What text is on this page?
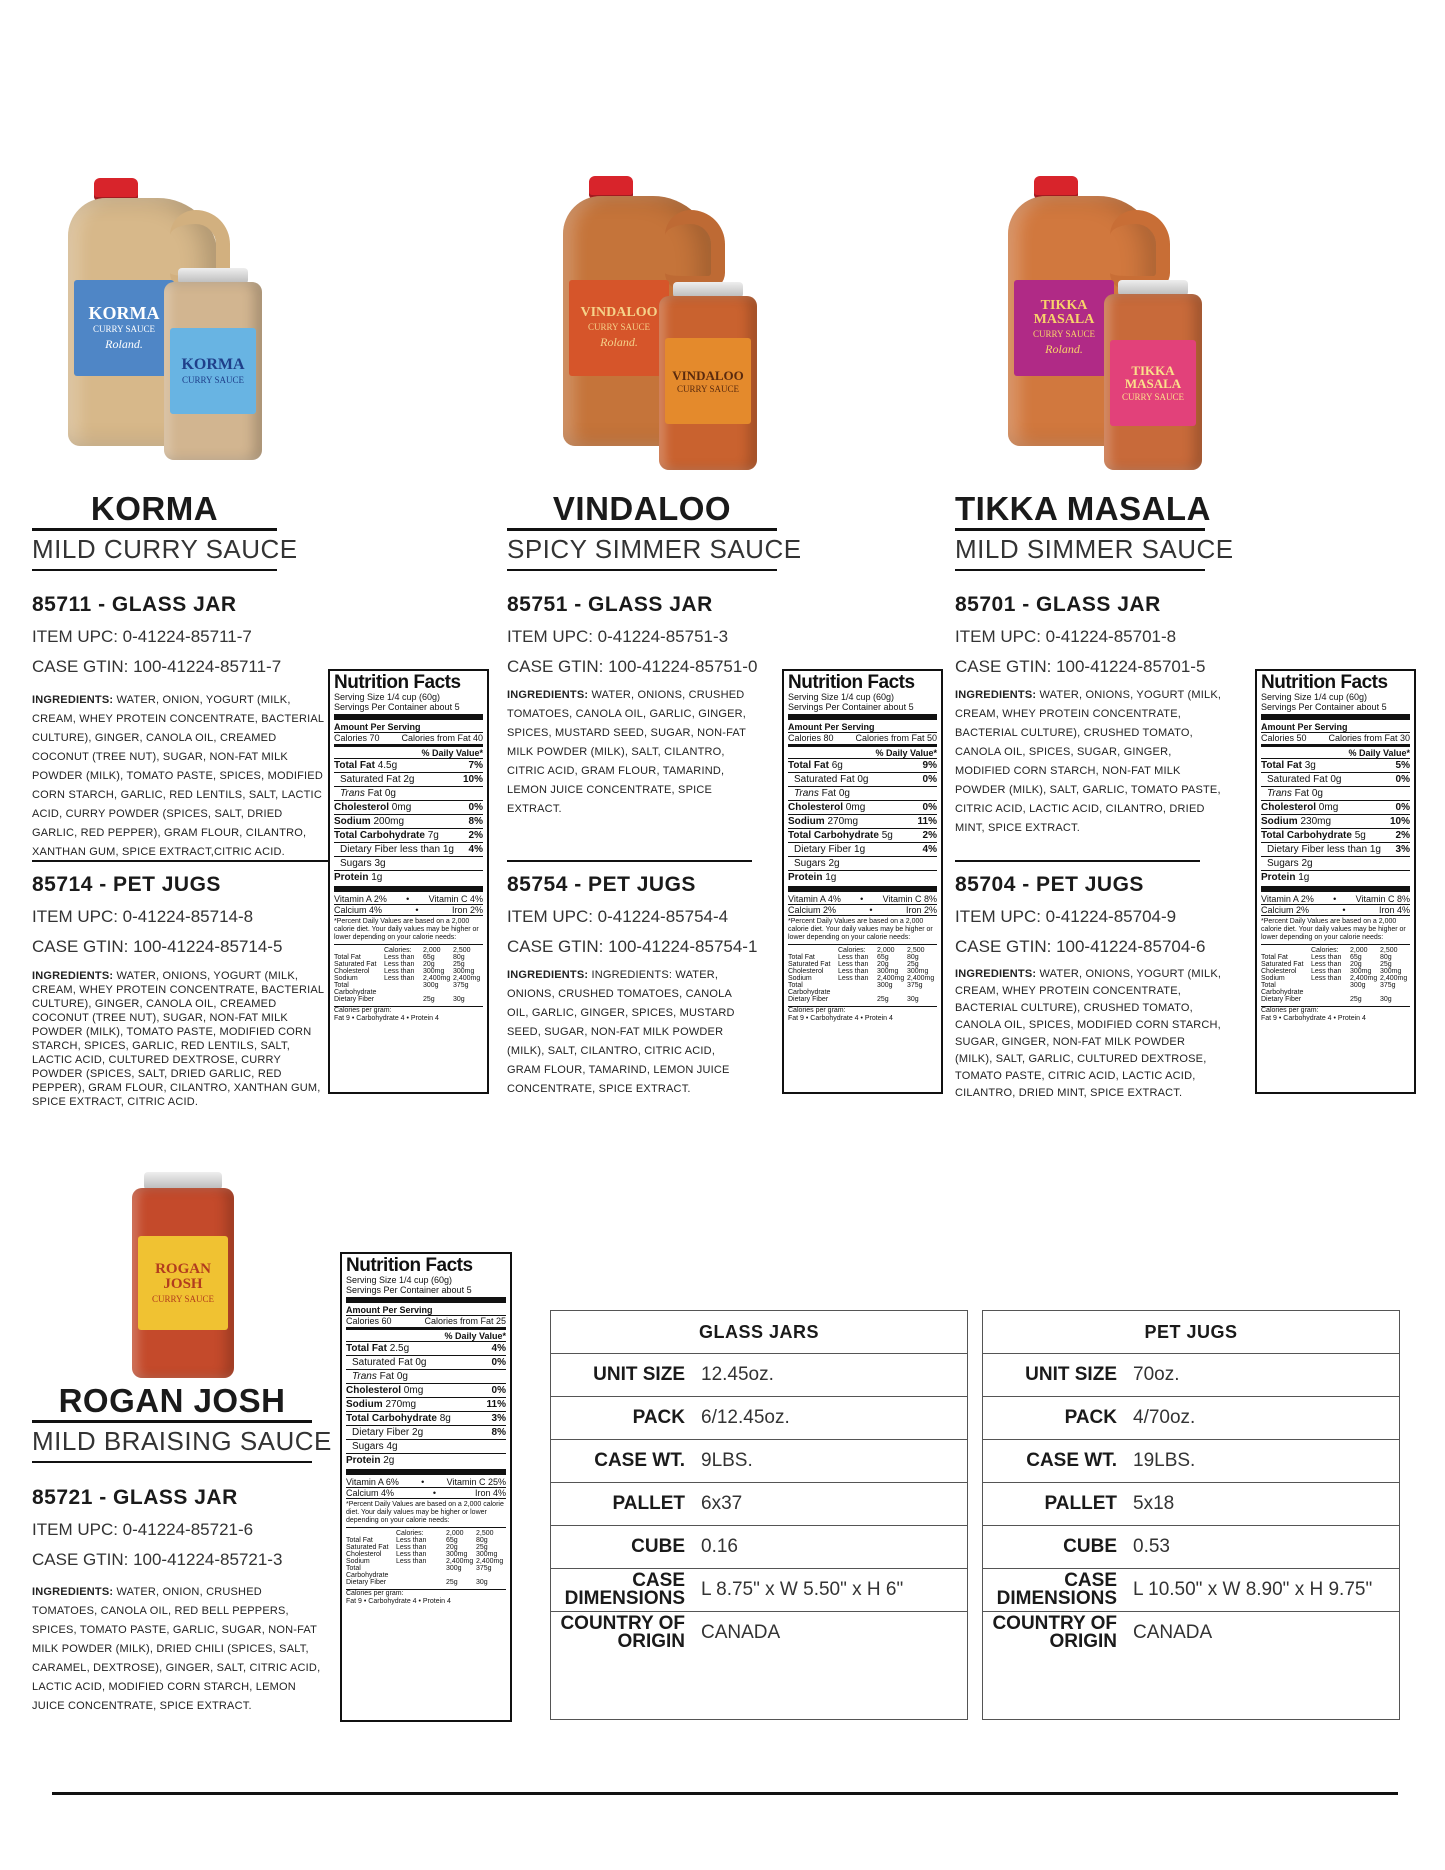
KORMA
CURRY SAUCE
Roland.
KORMA
CURRY SAUCE
VINDALOO
CURRY SAUCE
Roland.
VINDALOO
CURRY SAUCE
TIKKA MASALA
CURRY SAUCE
Roland.
TIKKA MASALA
CURRY SAUCE
ROGAN JOSH
CURRY SAUCE
KORMA
MILD CURRY SAUCE
85711 - GLASS JAR
ITEM UPC: 0-41224-85711-7
CASE GTIN: 100-41224-85711-7
INGREDIENTS: WATER, ONION, YOGURT (MILK, CREAM, WHEY PROTEIN CONCENTRATE, BACTERIAL CULTURE), GINGER, CANOLA OIL, CREAMED COCONUT (TREE NUT), SUGAR, NON-FAT MILK POWDER (MILK), TOMATO PASTE, SPICES, MODIFIED CORN STARCH, GARLIC, RED LENTILS, SALT, LACTIC ACID, CURRY POWDER (SPICES, SALT, DRIED GARLIC, RED PEPPER), GRAM FLOUR, CILANTRO, XANTHAN GUM, SPICE EXTRACT,CITRIC ACID.
85714 - PET JUGS
ITEM UPC: 0-41224-85714-8
CASE GTIN: 100-41224-85714-5
INGREDIENTS: WATER, ONIONS, YOGURT (MILK, CREAM, WHEY PROTEIN CONCENTRATE, BACTERIAL CULTURE), GINGER, CANOLA OIL, CREAMED COCONUT (TREE NUT), SUGAR, NON-FAT MILK POWDER (MILK), TOMATO PASTE, MODIFIED CORN STARCH, SPICES, GARLIC, RED LENTILS, SALT, LACTIC ACID, CULTURED DEXTROSE, CURRY POWDER (SPICES, SALT, DRIED GARLIC, RED PEPPER), GRAM FLOUR, CILANTRO, XANTHAN GUM, SPICE EXTRACT, CITRIC ACID.
VINDALOO
SPICY SIMMER SAUCE
85751 - GLASS JAR
ITEM UPC: 0-41224-85751-3
CASE GTIN: 100-41224-85751-0
INGREDIENTS: WATER, ONIONS, CRUSHED TOMATOES, CANOLA OIL, GARLIC, GINGER, SPICES, MUSTARD SEED, SUGAR, NON-FAT MILK POWDER (MILK), SALT, CILANTRO, CITRIC ACID, GRAM FLOUR, TAMARIND, LEMON JUICE CONCENTRATE, SPICE EXTRACT.
85754 - PET JUGS
ITEM UPC: 0-41224-85754-4
CASE GTIN: 100-41224-85754-1
INGREDIENTS: INGREDIENTS: WATER, ONIONS, CRUSHED TOMATOES, CANOLA OIL, GARLIC, GINGER, SPICES, MUSTARD SEED, SUGAR, NON-FAT MILK POWDER (MILK), SALT, CILANTRO, CITRIC ACID, GRAM FLOUR, TAMARIND, LEMON JUICE CONCENTRATE, SPICE EXTRACT.
TIKKA MASALA
MILD SIMMER SAUCE
85701 - GLASS JAR
ITEM UPC: 0-41224-85701-8
CASE GTIN: 100-41224-85701-5
INGREDIENTS: WATER, ONIONS, YOGURT (MILK, CREAM, WHEY PROTEIN CONCENTRATE, BACTERIAL CULTURE), CRUSHED TOMATO, CANOLA OIL, SPICES, SUGAR, GINGER, MODIFIED CORN STARCH, NON-FAT MILK POWDER (MILK), SALT, GARLIC, TOMATO PASTE, CITRIC ACID, LACTIC ACID, CILANTRO, DRIED MINT, SPICE EXTRACT.
85704 - PET JUGS
ITEM UPC: 0-41224-85704-9
CASE GTIN: 100-41224-85704-6
INGREDIENTS: WATER, ONIONS, YOGURT (MILK, CREAM, WHEY PROTEIN CONCENTRATE, BACTERIAL CULTURE), CRUSHED TOMATO, CANOLA OIL, SPICES, MODIFIED CORN STARCH, SUGAR, GINGER, NON-FAT MILK POWDER (MILK), SALT, GARLIC, CULTURED DEXTROSE, TOMATO PASTE, CITRIC ACID, LACTIC ACID, CILANTRO, DRIED MINT, SPICE EXTRACT.
ROGAN JOSH
MILD BRAISING SAUCE
85721 - GLASS JAR
ITEM UPC: 0-41224-85721-6
CASE GTIN: 100-41224-85721-3
INGREDIENTS: WATER, ONION, CRUSHED TOMATOES, CANOLA OIL, RED BELL PEPPERS, SPICES, TOMATO PASTE, GARLIC, SUGAR, NON-FAT MILK POWDER (MILK), DRIED CHILI (SPICES, SALT, CARAMEL, DEXTROSE), GINGER, SALT, CITRIC ACID, LACTIC ACID, MODIFIED CORN STARCH, LEMON JUICE CONCENTRATE, SPICE EXTRACT.
Nutrition Facts
Serving Size 1/4 cup (60g)
Servings Per Container about 5
Amount Per Serving
Calories 70 Calories from Fat 40
% Daily Value*
Total Fat 4.5g	7%
Saturated Fat 2g	10%
Trans Fat 0g
Cholesterol 0mg	0%
Sodium 200mg	8%
Total Carbohydrate 7g	2%
Dietary Fiber less than 1g 4%
Sugars 3g
Protein 1g
Vitamin A 2% • Vitamin C 4%
Calcium 4%	•	Iron 2%
*Percent Daily Values are based on a 2,000 calorie diet. Your daily values may be higher or lower depending on your calorie needs:
Calories:	2,000	2,500
Total Fat	Less than	65g	80g
Saturated Fat	Less than	20g	25g
Cholesterol	Less than	300mg	300mg
Sodium	Less than	2,400mg 2,400mg
Total Carbohydrate
300g	375g
Dietary Fiber	25g	30g
Calories per gram:
Fat 9 • Carbohydrate 4 • Protein 4
Nutrition Facts
Serving Size 1/4 cup (60g)
Servings Per Container about 5
Amount Per Serving
Calories 80 Calories from Fat 50
% Daily Value*
Total Fat 6g	9%
Saturated Fat 0g	0%
Trans Fat 0g
Cholesterol 0mg	0%
Sodium 270mg	11%
Total Carbohydrate 5g	2%
Dietary Fiber 1g	4%
Sugars 2g
Protein 1g
Vitamin A 4% • Vitamin C 8%
Calcium 2%	•	Iron 2%
*Percent Daily Values are based on a 2,000 calorie diet. Your daily values may be higher or lower depending on your calorie needs:
Calories:	2,000	2,500
Total Fat	Less than	65g	80g
Saturated Fat	Less than	20g	25g
Cholesterol	Less than	300mg	300mg
Sodium	Less than	2,400mg 2,400mg
Total Carbohydrate
300g	375g
Dietary Fiber	25g	30g
Calories per gram:
Fat 9 • Carbohydrate 4 • Protein 4
Nutrition Facts
Serving Size 1/4 cup (60g)
Servings Per Container about 5
Amount Per Serving
Calories 50 Calories from Fat 30
% Daily Value*
Total Fat 3g	5%
Saturated Fat 0g	0%
Trans Fat 0g
Cholesterol 0mg	0%
Sodium 230mg	10%
Total Carbohydrate 5g	2%
Dietary Fiber less than 1g 3%
Sugars 2g
Protein 1g
Vitamin A 2% • Vitamin C 8%
Calcium 2%	•	Iron 4%
*Percent Daily Values are based on a 2,000 calorie diet. Your daily values may be higher or lower depending on your calorie needs:
Calories:	2,000	2,500
Total Fat	Less than	65g	80g
Saturated Fat	Less than	20g	25g
Cholesterol	Less than	300mg	300mg
Sodium	Less than	2,400mg 2,400mg
Total Carbohydrate
300g	375g
Dietary Fiber	25g	30g
Calories per gram:
Fat 9 • Carbohydrate 4 • Protein 4
Nutrition Facts
Serving Size 1/4 cup (60g)
Servings Per Container about 5
Amount Per Serving
Calories 60	Calories from Fat 25
% Daily Value*
Total Fat 2.5g	4%
Saturated Fat 0g	0%
Trans Fat 0g
Cholesterol 0mg	0%
Sodium 270mg	11%
Total Carbohydrate 8g	3%
Dietary Fiber 2g	8%
Sugars 4g
Protein 2g
Vitamin A 6% • Vitamin C 25%
Calcium 4%	•	Iron 4%
*Percent Daily Values are based on a 2,000 calorie diet. Your daily values may be higher or lower depending on your calorie needs:
Calories:	2,000	2,500
Total Fat	Less than	65g	80g
Saturated Fat	Less than	20g	25g
Cholesterol	Less than	300mg	300mg
Sodium	Less than	2,400mg 2,400mg
Total Carbohydrate
300g	375g
Dietary Fiber	25g	30g
Calories per gram:
Fat 9 • Carbohydrate 4 • Protein 4
GLASS JARS
UNIT SIZE 12.45oz.
PACK 6/12.45oz.
CASE WT. 9LBS.
PALLET 6x37
CUBE 0.16
CASE DIMENSIONS L 8.75" x W 5.50" x H 6"
COUNTRY OF ORIGIN CANADA
PET JUGS
UNIT SIZE 70oz.
PACK 4/70oz.
CASE WT. 19LBS.
PALLET 5x18
CUBE 0.53
CASE DIMENSIONS L 10.50" x W 8.90" x H 9.75"
COUNTRY OF ORIGIN CANADA
